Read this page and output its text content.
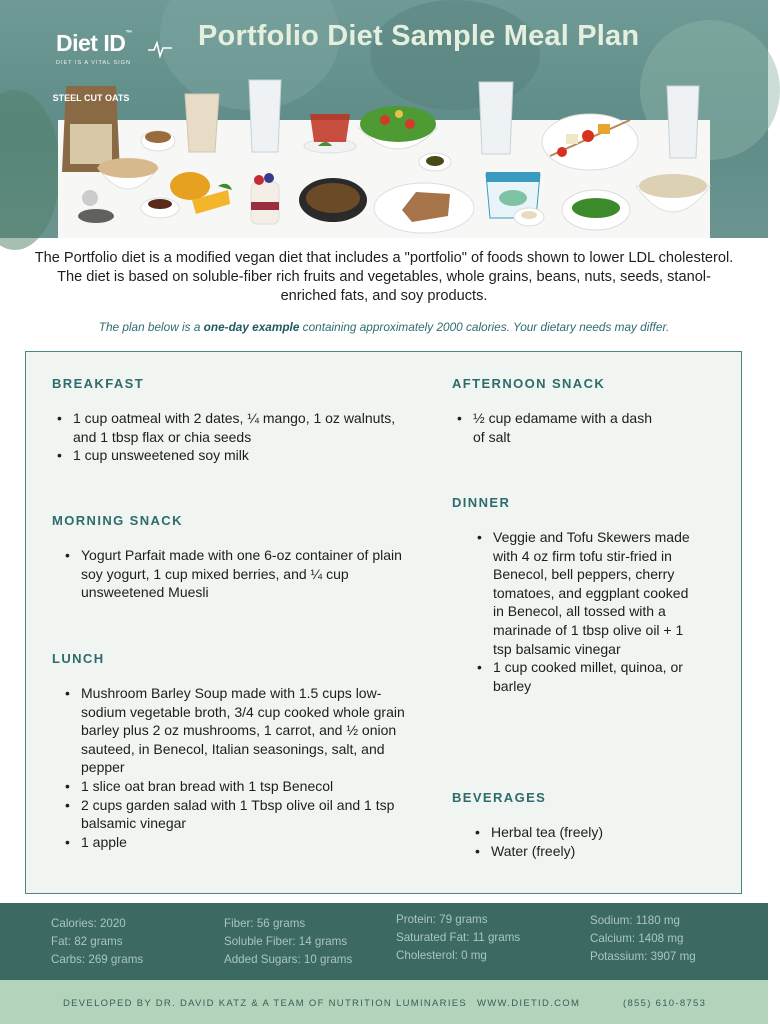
Diet ID™
DIET IS A VITAL SIGN
Portfolio Diet Sample Meal Plan
STEEL CUT OATS

The Portfolio diet is a modified vegan diet that includes a "portfolio" of foods shown to lower LDL cholesterol. The diet is based on soluble-fiber rich fruits and vegetables, whole grains, beans, nuts, seeds, stanol-enriched fats, and soy products.

The plan below is a one-day example containing approximately 2000 calories. Your dietary needs may differ.

BREAKFAST
• 1 cup oatmeal with 2 dates, ¼ mango, 1 oz walnuts, and 1 tbsp flax or chia seeds
• 1 cup unsweetened soy milk
MORNING SNACK
• Yogurt Parfait made with one 6-oz container of plain soy yogurt, 1 cup mixed berries, and ¼ cup unsweetened Muesli
LUNCH
• Mushroom Barley Soup made with 1.5 cups low-sodium vegetable broth, 3/4 cup cooked whole grain barley plus 2 oz mushrooms, 1 carrot, and ½ onion sauteed, in Benecol, Italian seasonings, salt, and pepper
• 1 slice oat bran bread with 1 tsp Benecol
• 2 cups garden salad with 1 Tbsp olive oil and 1 tsp balsamic vinegar
• 1 apple
AFTERNOON SNACK
• ½ cup edamame with a dash of salt
DINNER
• Veggie and Tofu Skewers made with 4 oz firm tofu stir-fried in Benecol, bell peppers, cherry tomatoes, and eggplant cooked in Benecol, all tossed with a marinade of 1 tbsp olive oil + 1 tsp balsamic vinegar
• 1 cup cooked millet, quinoa, or barley
BEVERAGES
• Herbal tea (freely)
• Water (freely)
Calories: 2020
Fat: 82 grams
Carbs: 269 grams
Fiber: 56 grams
Soluble Fiber: 14 grams
Added Sugars: 10 grams
Protein: 79 grams
Saturated Fat: 11 grams
Cholesterol: 0 mg
Sodium: 1180 mg
Calcium: 1408 mg
Potassium: 3907 mg
DEVELOPED BY DR. DAVID KATZ & A TEAM OF NUTRITION LUMINARIES WWW.DIETID.COM	(855) 610-8753
